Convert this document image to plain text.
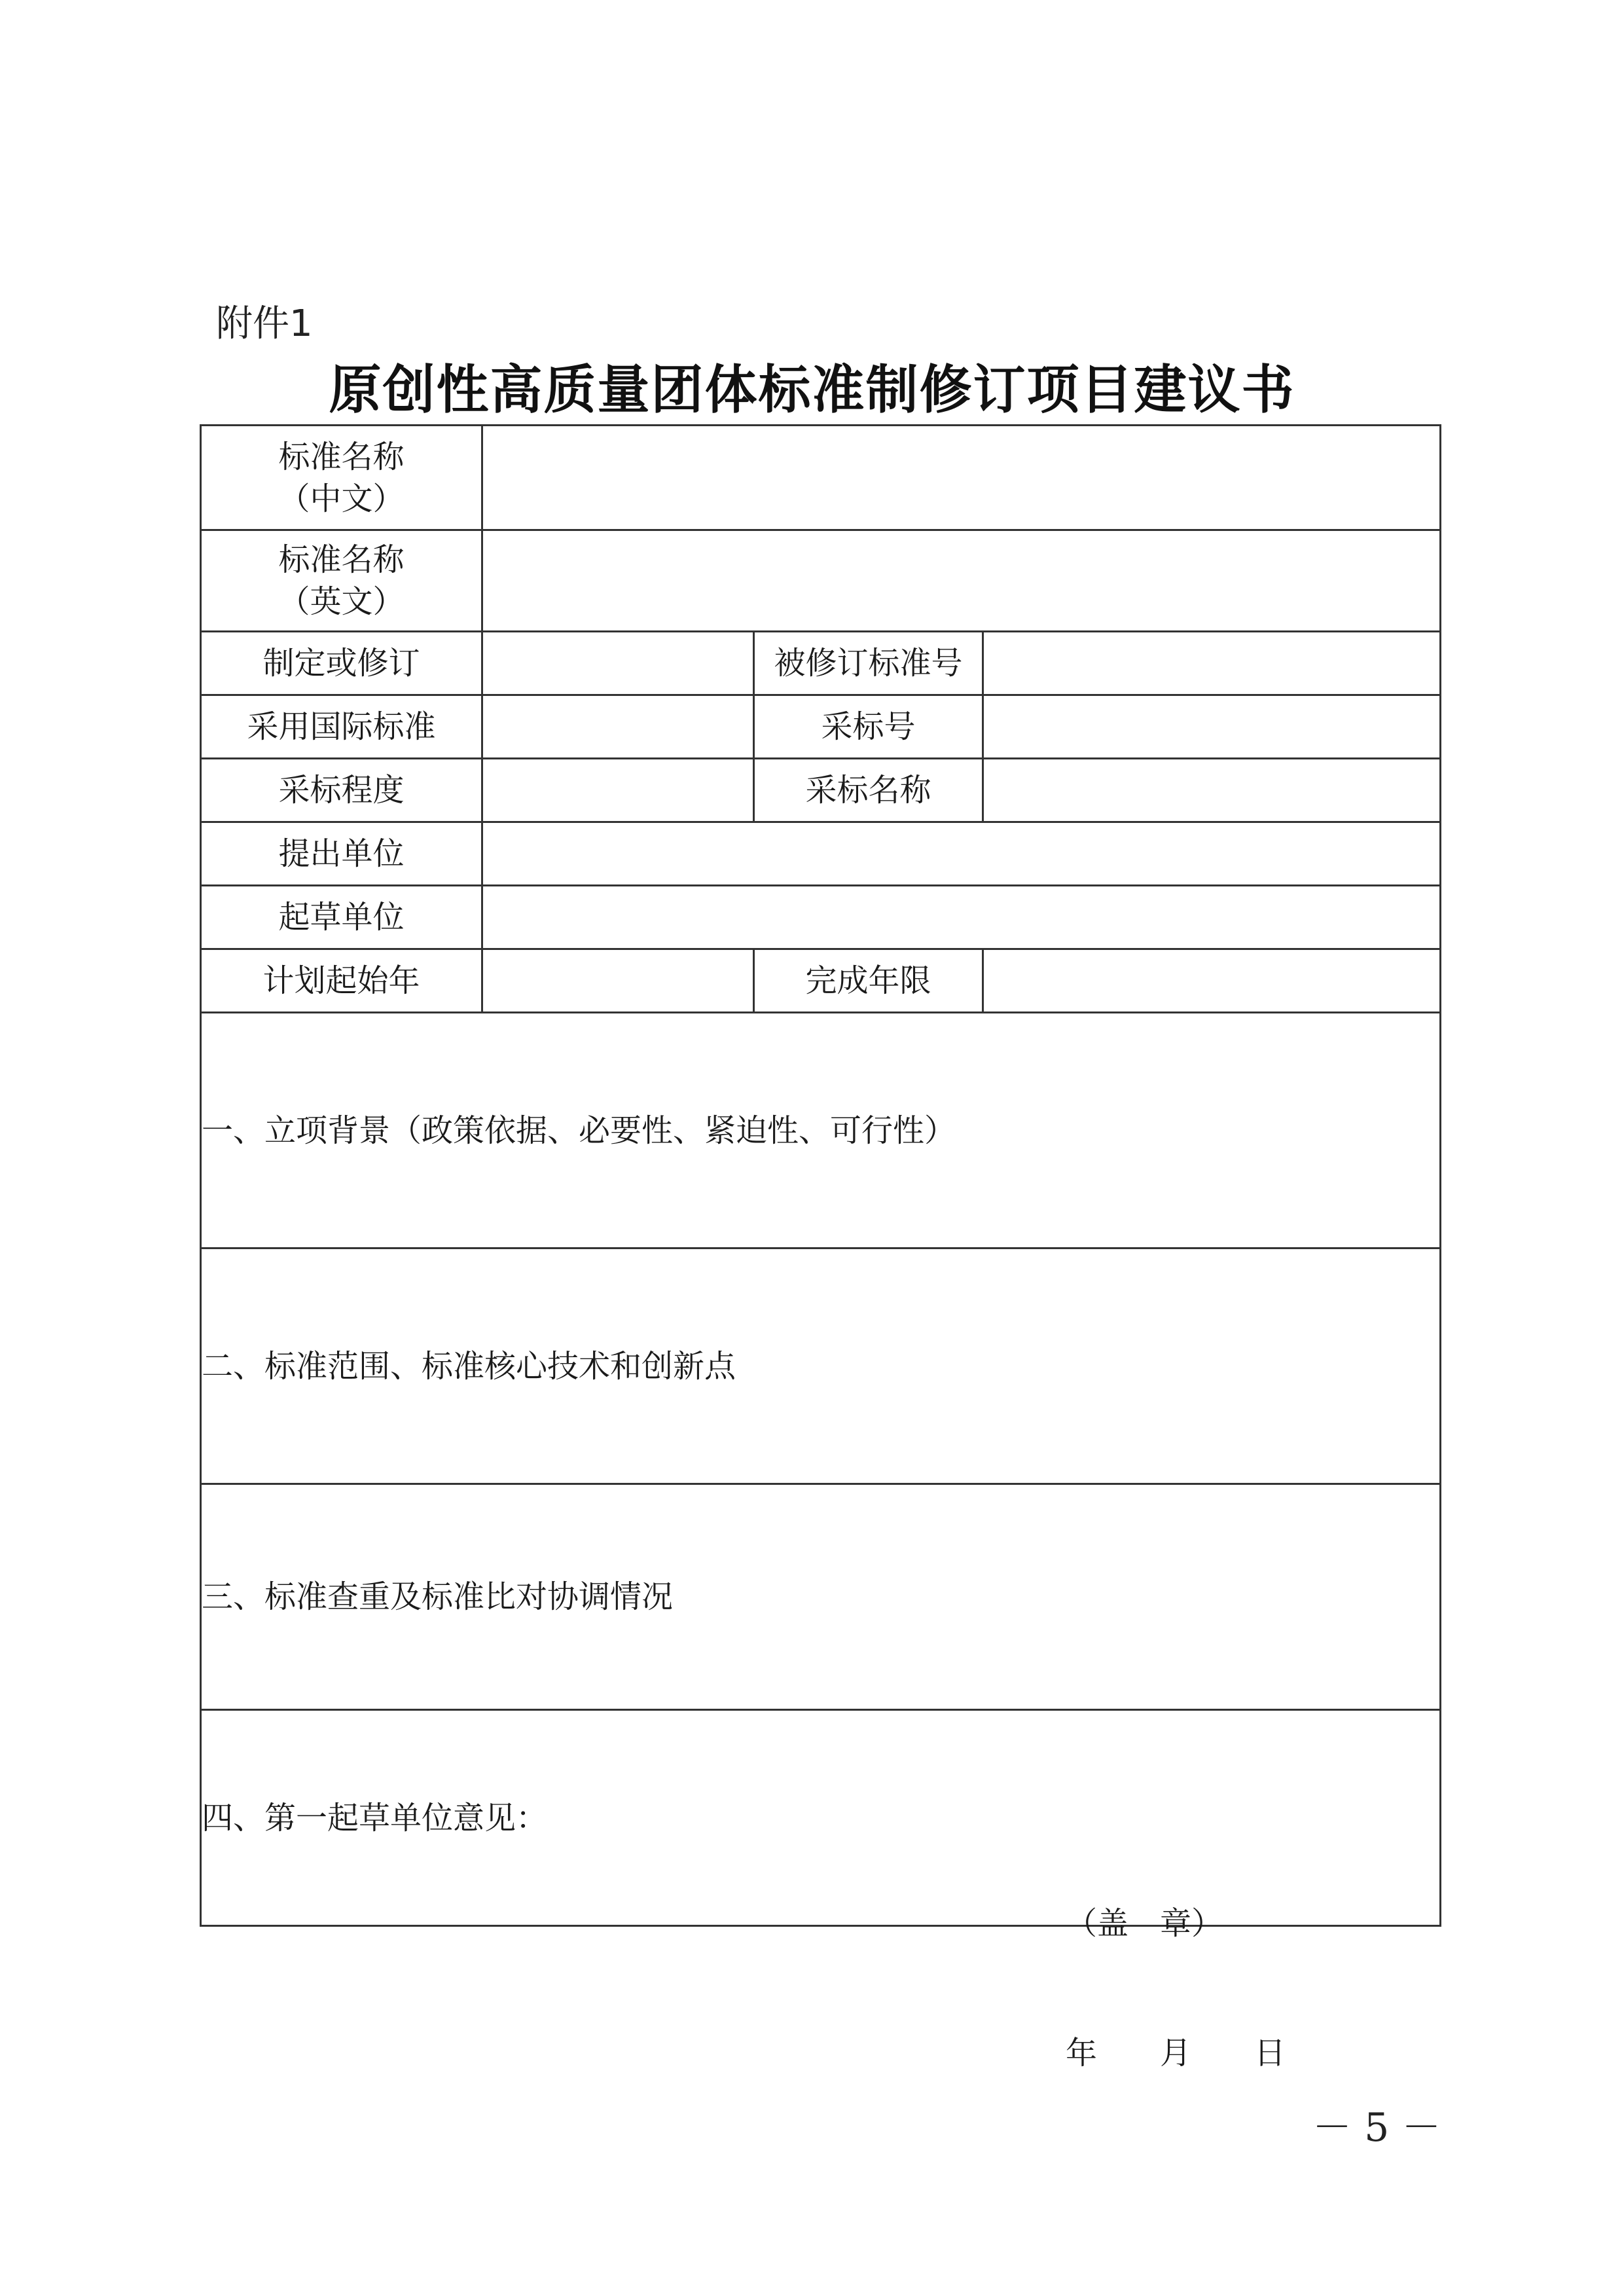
附件1
原创性高质量团体标准制修订项目建议书
标准名称
（中文）			

标准名称
（英文）			

制定或修订		被修订标准号	
采用国际标准		采标号	
采标程度		采标名称	
提出单位			
起草单位			
计划起始年		完成年限	

一、立项背景（政策依据、必要性、紧迫性、可行性）			

二、标准范围、标准核心技术和创新点			

三、标准查重及标准比对协调情况			

四、第一起草单位意见：

（盖　章）

年　　月　　日			

－ 5 －
